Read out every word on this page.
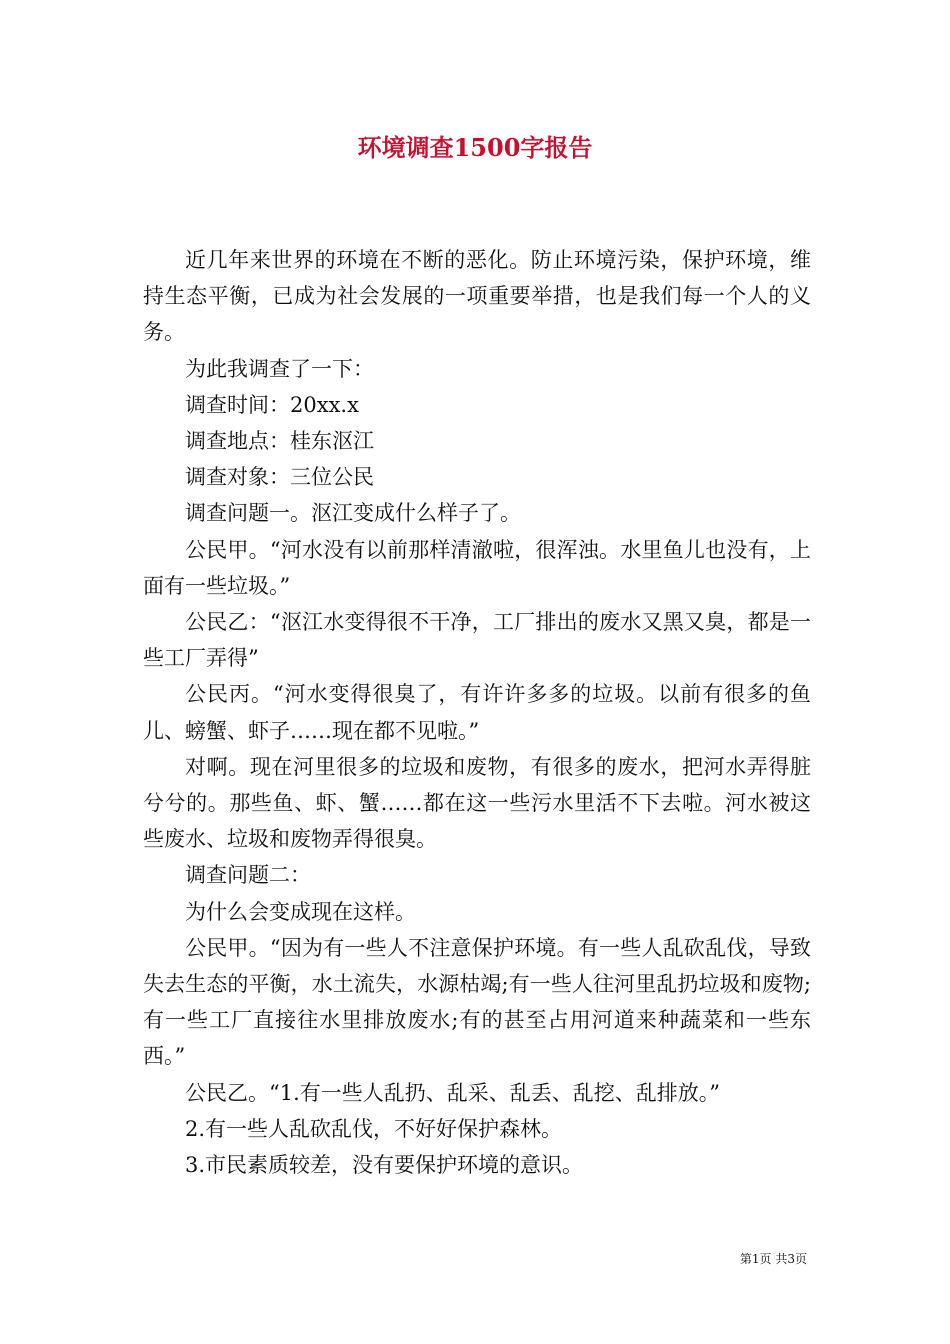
环境调查1500字报告

近几年来世界的环境在不断的恶化。防止环境污染，保护环境，维持生态平衡，已成为社会发展的一项重要举措，也是我们每一个人的义务。

为此我调查了一下：

调查时间：20xx.x

调查地点：桂东沤江

调查对象：三位公民

调查问题一。沤江变成什么样子了。

公民甲。“河水没有以前那样清澈啦，很浑浊。水里鱼儿也没有，上面有一些垃圾。”

公民乙：“沤江水变得很不干净，工厂排出的废水又黑又臭，都是一些工厂弄得”

公民丙。“河水变得很臭了，有许许多多的垃圾。以前有很多的鱼儿、螃蟹、虾子……现在都不见啦。”

对啊。现在河里很多的垃圾和废物，有很多的废水，把河水弄得脏兮兮的。那些鱼、虾、蟹……都在这一些污水里活不下去啦。河水被这些废水、垃圾和废物弄得很臭。

调查问题二：

为什么会变成现在这样。

公民甲。“因为有一些人不注意保护环境。有一些人乱砍乱伐，导致失去生态的平衡，水土流失，水源枯竭;有一些人往河里乱扔垃圾和废物;有一些工厂直接往水里排放废水;有的甚至占用河道来种蔬菜和一些东西。”

公民乙。“1.有一些人乱扔、乱采、乱丢、乱挖、乱排放。”

2.有一些人乱砍乱伐，不好好保护森林。

3.市民素质较差，没有要保护环境的意识。

第1页 共3页
